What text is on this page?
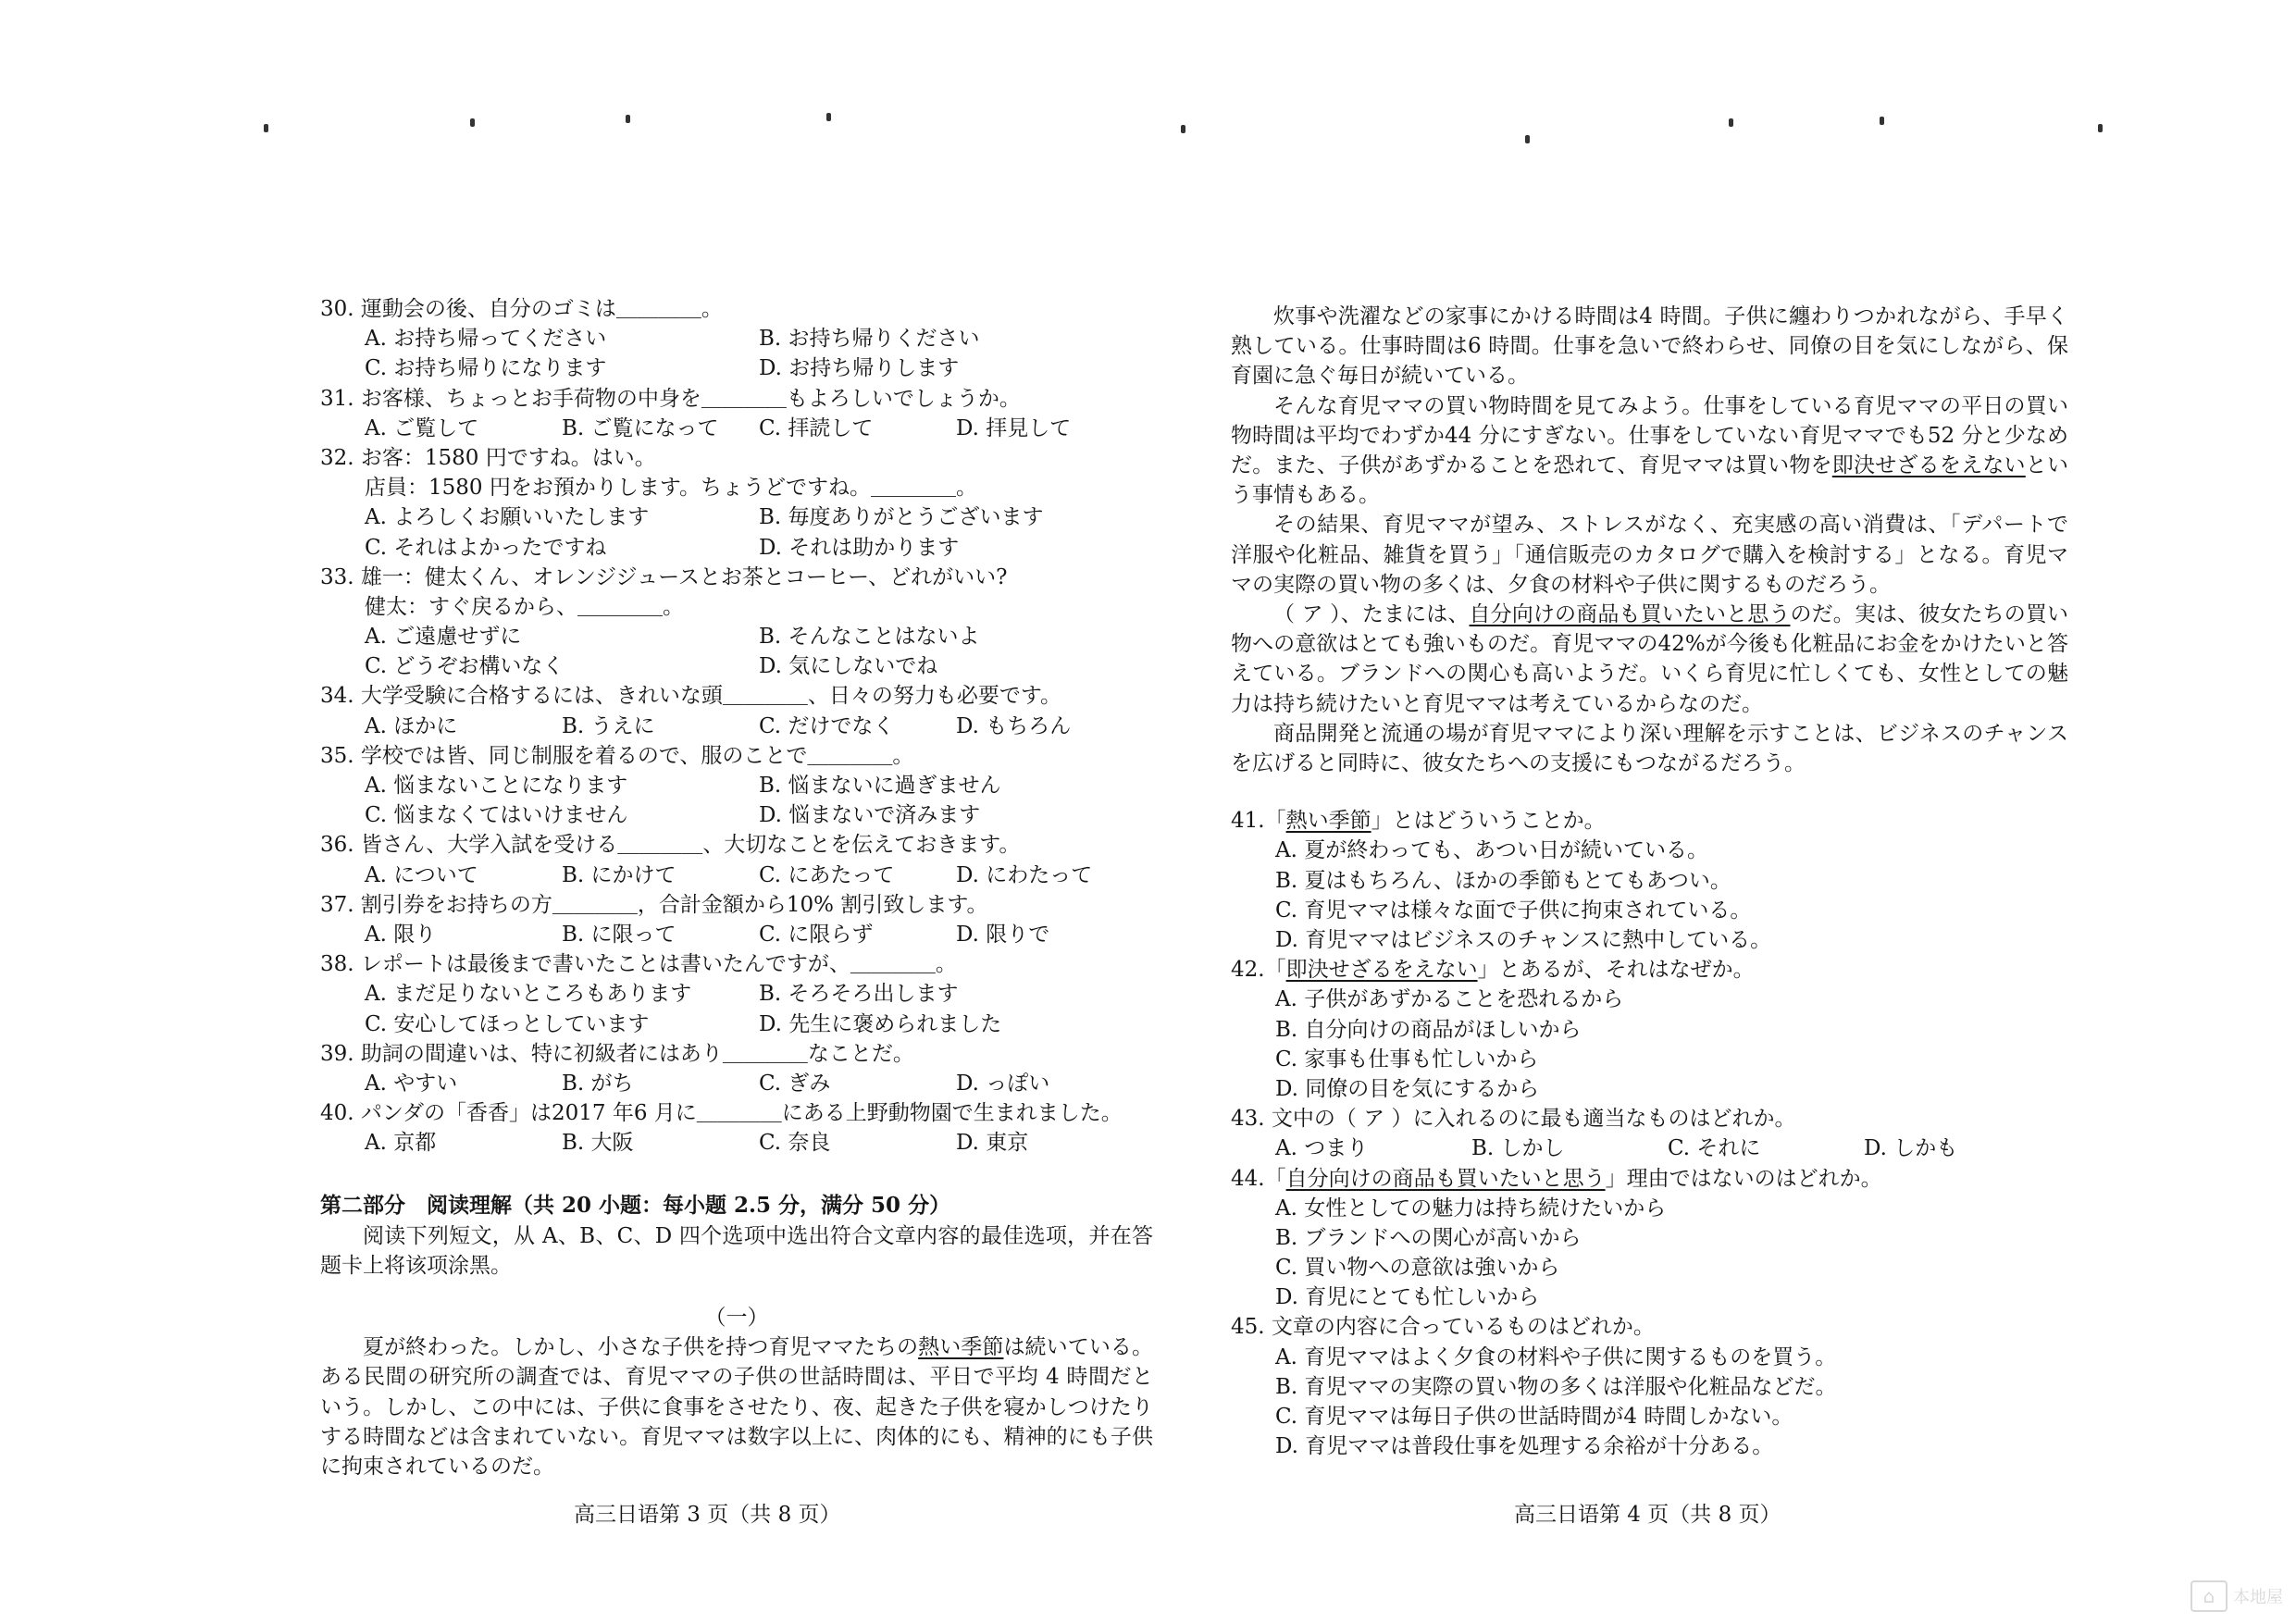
30. 運動会の後、自分のゴミは＿＿＿＿。
A. お持ち帰ってください	B. お持ち帰りください
C. お持ち帰りになります	D. お持ち帰りします
31. お客様、ちょっとお手荷物の中身を＿＿＿＿もよろしいでしょうか。
A. ご覧して	B. ご覧になって	C. 拝読して	D. 拝見して
32. お客：1580 円ですね。はい。
店員：1580 円をお預かりします。ちょうどですね。＿＿＿＿。
A. よろしくお願いいたします	B. 毎度ありがとうございます
C. それはよかったですね	D. それは助かります
33. 雄一：健太くん、オレンジジュースとお茶とコーヒー、どれがいい?
健太：すぐ戻るから、＿＿＿＿。
A. ご遠慮せずに	B. そんなことはないよ
C. どうぞお構いなく	D. 気にしないでね
34. 大学受験に合格するには、きれいな頭＿＿＿＿、日々の努力も必要です。
A. ほかに	B. うえに	C. だけでなく	D. もちろん
35. 学校では皆、同じ制服を着るので、服のことで＿＿＿＿。
A. 悩まないことになります	B. 悩まないに過ぎません
C. 悩まなくてはいけません	D. 悩まないで済みます
36. 皆さん、大学入試を受ける＿＿＿＿、大切なことを伝えておきます。
A. について	B. にかけて	C. にあたって	D. にわたって
37. 割引券をお持ちの方＿＿＿＿，合計金額から10% 割引致します。
A. 限り	B. に限って	C. に限らず	D. 限りで
38. レポートは最後まで書いたことは書いたんですが、＿＿＿＿。
A. まだ足りないところもあります	B. そろそろ出します
C. 安心してほっとしています	D. 先生に褒められました
39. 助詞の間違いは、特に初級者にはあり＿＿＿＿なことだ。
A. やすい	B. がち	C. ぎみ	D. っぽい
40. パンダの「香香」は2017 年6 月に＿＿＿＿にある上野動物園で生まれました。
A. 京都	B. 大阪	C. 奈良	D. 東京
第二部分　阅读理解（共 20 小题：每小题 2.5 分，满分 50 分）
阅读下列短文，从 A、B、C、D 四个选项中选出符合文章内容的最佳选项，并在答题卡上将该项涂黑。
（一）
夏が終わった。しかし、小さな子供を持つ育児ママたちの熱い季節は続いている。ある民間の研究所の調査では、育児ママの子供の世話時間は、平日で平均 4 時間だという。しかし、この中には、子供に食事をさせたり、夜、起きた子供を寝かしつけたりする時間などは含まれていない。育児ママは数字以上に、肉体的にも、精神的にも子供に拘束されているのだ。
高三日语第 3 页（共 8 页）
炊事や洗濯などの家事にかける時間は4 時間。子供に纏わりつかれながら、手早く熟している。仕事時間は6 時間。仕事を急いで終わらせ、同僚の目を気にしながら、保育園に急ぐ毎日が続いている。
そんな育児ママの買い物時間を見てみよう。仕事をしている育児ママの平日の買い物時間は平均でわずか44 分にすぎない。仕事をしていない育児ママでも52 分と少なめだ。また、子供があずかることを恐れて、育児ママは買い物を即決せざるをえないという事情もある。
その結果、育児ママが望み、ストレスがなく、充実感の高い消費は、「デパートで洋服や化粧品、雑貨を買う」「通信販売のカタログで購入を検討する」となる。育児ママの実際の買い物の多くは、夕食の材料や子供に関するものだろう。
（ ア ）、たまには、自分向けの商品も買いたいと思うのだ。実は、彼女たちの買い物への意欲はとても強いものだ。育児ママの42%が今後も化粧品にお金をかけたいと答えている。ブランドへの関心も高いようだ。いくら育児に忙しくても、女性としての魅力は持ち続けたいと育児ママは考えているからなのだ。
商品開発と流通の場が育児ママにより深い理解を示すことは、ビジネスのチャンスを広げると同時に、彼女たちへの支援にもつながるだろう。
41.「熱い季節」とはどういうことか。
A. 夏が終わっても、あつい日が続いている。
B. 夏はもちろん、ほかの季節もとてもあつい。
C. 育児ママは様々な面で子供に拘束されている。
D. 育児ママはビジネスのチャンスに熱中している。
42.「即決せざるをえない」とあるが、それはなぜか。
A. 子供があずかることを恐れるから
B. 自分向けの商品がほしいから
C. 家事も仕事も忙しいから
D. 同僚の目を気にするから
43. 文中の（ ア ）に入れるのに最も適当なものはどれか。
A. つまり	B. しかし	C. それに	D. しかも
44.「自分向けの商品も買いたいと思う」理由ではないのはどれか。
A. 女性としての魅力は持ち続けたいから
B. ブランドへの関心が高いから
C. 買い物への意欲は強いから
D. 育児にとても忙しいから
45. 文章の内容に合っているものはどれか。
A. 育児ママはよく夕食の材料や子供に関するものを買う。
B. 育児ママの実際の買い物の多くは洋服や化粧品などだ。
C. 育児ママは毎日子供の世話時間が4 時間しかない。
D. 育児ママは普段仕事を処理する余裕が十分ある。
高三日语第 4 页（共 8 页）
⌂	本地屋
